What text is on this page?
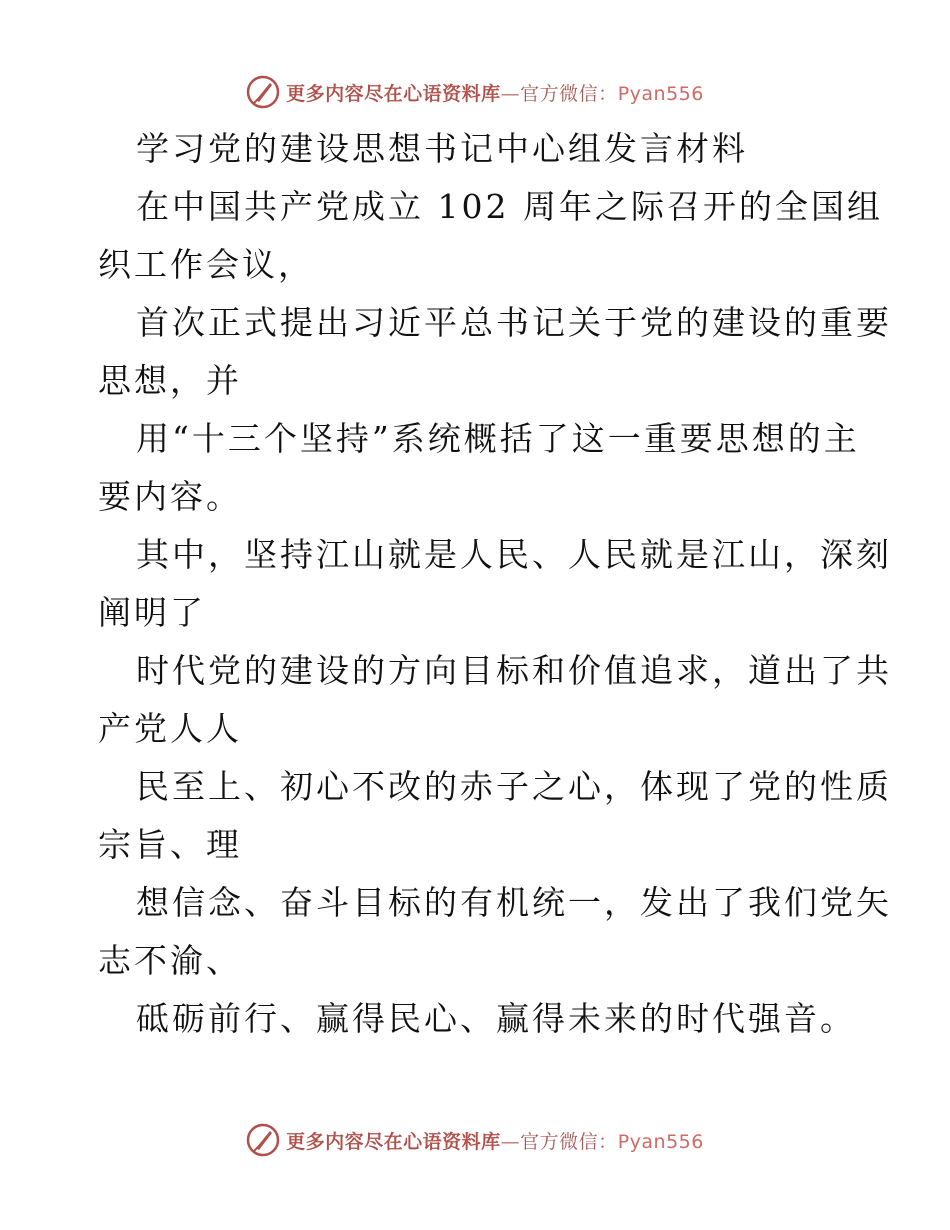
更多内容尽在心语资料库—官方微信：Pyan556
学习党的建设思想书记中心组发言材料
在中国共产党成立 102 周年之际召开的全国组
织工作会议，
首次正式提出习近平总书记关于党的建设的重要
思想，并
用“十三个坚持”系统概括了这一重要思想的主
要内容。
其中，坚持江山就是人民、人民就是江山，深刻
阐明了
时代党的建设的方向目标和价值追求，道出了共
产党人人
民至上、初心不改的赤子之心，体现了党的性质
宗旨、理
想信念、奋斗目标的有机统一，发出了我们党矢
志不渝、
砥砺前行、赢得民心、赢得未来的时代强音。
更多内容尽在心语资料库—官方微信：Pyan556
